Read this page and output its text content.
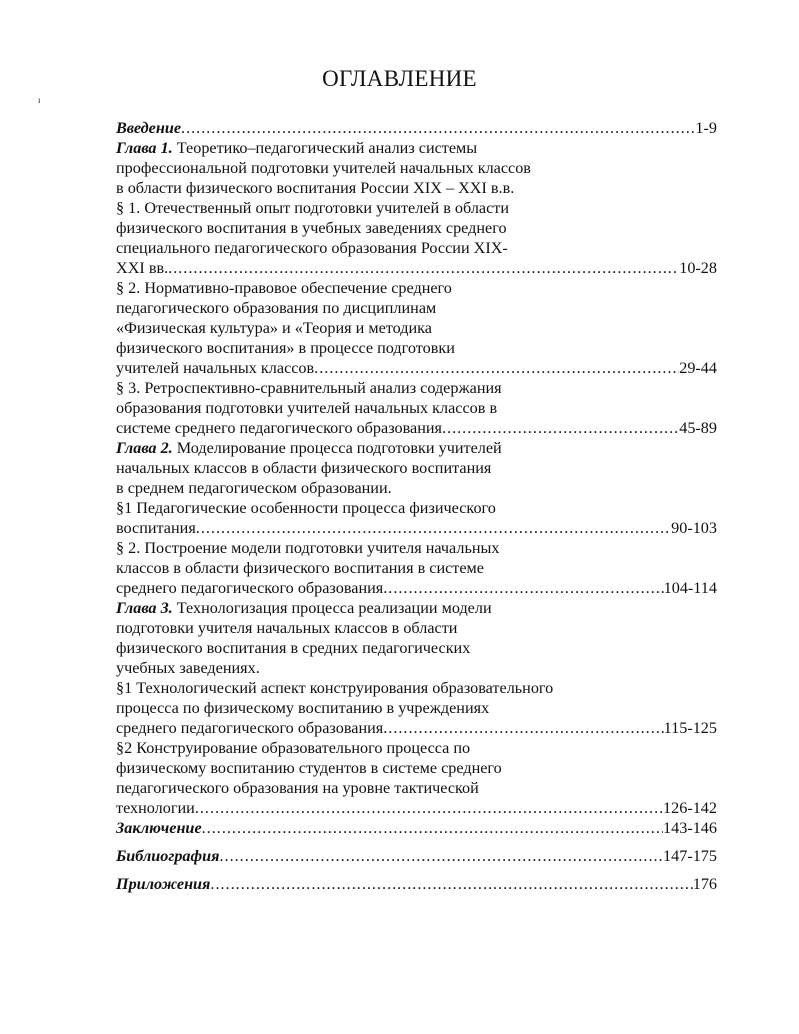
ı
ОГЛАВЛЕНИЕ
Введение .....	1-9
Глава 1. Теоретико–педагогический анализ системы
профессиональной подготовки учителей начальных классов
в области физического воспитания России XIX – XXI в.в.
§ 1. Отечественный опыт подготовки учителей в области
физического воспитания в учебных заведениях среднего
специального педагогического образования России XIX-
XXI вв. .....	10-28
§ 2. Нормативно-правовое обеспечение среднего
педагогического образования по дисциплинам
«Физическая культура» и «Теория и методика
физического воспитания» в процессе подготовки
учителей начальных классов .....	29-44
§ 3. Ретроспективно-сравнительный анализ содержания
образования подготовки учителей начальных классов в
системе среднего педагогического образования .....	45-89
Глава 2. Моделирование процесса подготовки учителей
начальных классов в области физического воспитания
в среднем педагогическом образовании.
§1 Педагогические особенности процесса физического
воспитания .....	90-103
§ 2. Построение модели подготовки учителя начальных
классов в области физического воспитания в системе
среднего педагогического образования .....	104-114
Глава 3. Технологизация процесса реализации модели
подготовки учителя начальных классов в области
физического воспитания в средних педагогических
учебных заведениях.
§1 Технологический аспект конструирования образовательного
процесса по физическому воспитанию в учреждениях
среднего педагогического образования .....	115-125
§2 Конструирование образовательного процесса по
физическому воспитанию студентов в системе среднего
педагогического образования на уровне тактической
технологии .....	126-142
Заключение .....	143-146
Библиография .....	147-175
Приложения .....	176
